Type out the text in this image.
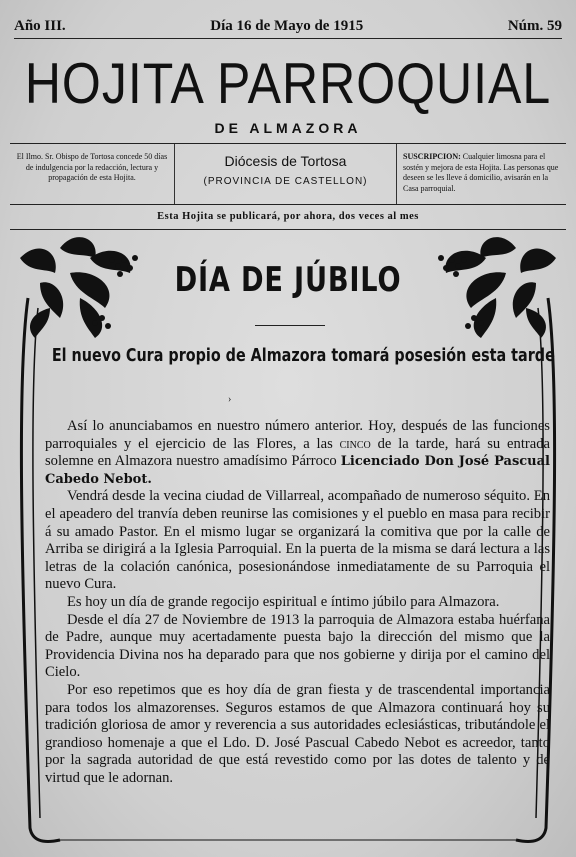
Año III.	Día 16 de Mayo de 1915	Núm. 59
HOJITA PARROQUIAL
DE ALMAZORA
El Ilmo. Sr. Obispo de Tortosa concede 50 días de indulgencia por la redacción, lectura y propagación de esta Hojita.
Diócesis de Tortosa
(PROVINCIA DE CASTELLON)
SUSCRIPCION: Cualquier limosna para el sostén y mejora de esta Hojita. Las personas que deseen se les lleve á domicilio, avisarán en la Casa parroquial.
Esta Hojita se publicará, por ahora, dos veces al mes
DÍA DE JÚBILO
El nuevo Cura propio de Almazora tomará posesión esta tarde
›

Así lo anunciabamos en nuestro número anterior. Hoy, después de las funciones parroquiales y el ejercicio de las Flores, a las cinco de la tarde, hará su entrada solemne en Almazora nuestro amadísimo Párroco Licenciado Don José Pascual Cabedo Nebot.

Vendrá desde la vecina ciudad de Villarreal, acompañado de numeroso séquito. En el apeadero del tranvía deben reunirse las comisiones y el pueblo en masa para recibir á su amado Pastor. En el mismo lugar se organizará la comitiva que por la calle de Arriba se dirigirá a la Iglesia Parroquial. En la puerta de la misma se dará lectura a las letras de la colación canónica, posesionándose inmediatamente de su Parroquia el nuevo Cura.

Es hoy un día de grande regocijo espiritual e íntimo júbilo para Almazora.

Desde el día 27 de Noviembre de 1913 la parroquia de Almazora estaba huérfana de Padre, aunque muy acertadamente puesta bajo la dirección del mismo que la Providencia Divina nos ha deparado para que nos gobierne y dirija por el camino del Cielo.

Por eso repetimos que es hoy día de gran fiesta y de trascendental importancia para todos los almazorenses. Seguros estamos de que Almazora continuará hoy su tradición gloriosa de amor y reverencia a sus autoridades eclesiásticas, tributándole el grandioso homenaje a que el Ldo. D. José Pascual Cabedo Nebot es acreedor, tanto por la sagrada autoridad de que está revestido como por las dotes de talento y de virtud que le adornan.
